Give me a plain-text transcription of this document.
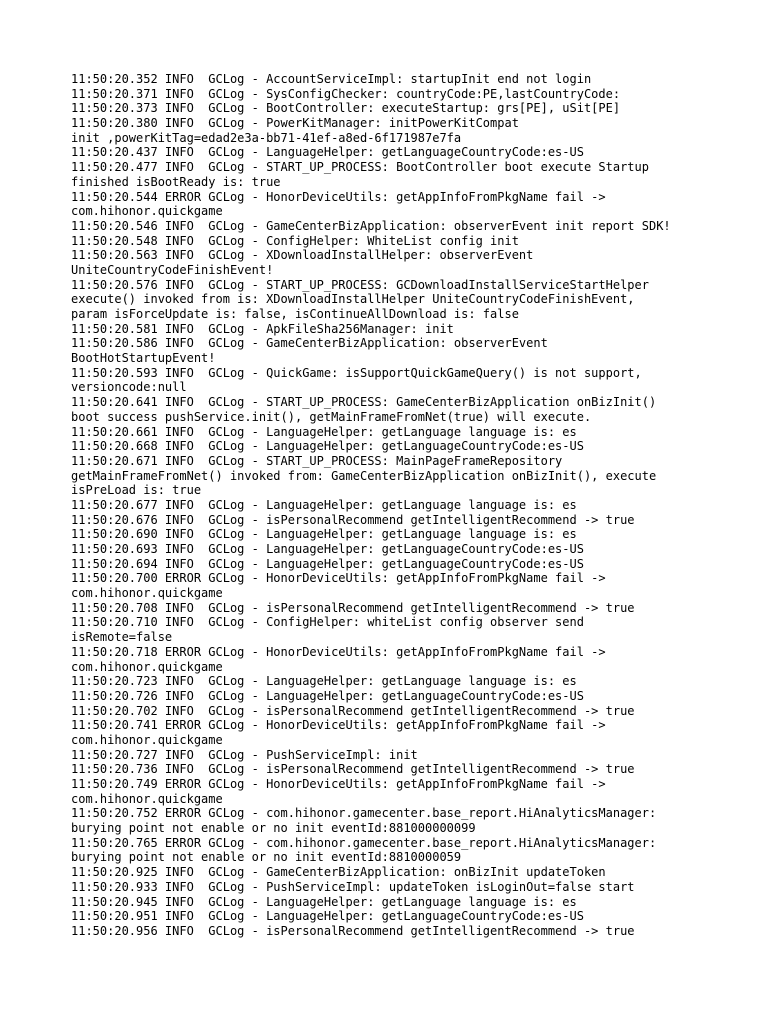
11:50:20.352 INFO  GCLog - AccountServiceImpl: startupInit end not login
11:50:20.371 INFO  GCLog - SysConfigChecker: countryCode:PE,lastCountryCode:
11:50:20.373 INFO  GCLog - BootController: executeStartup: grs[PE], uSit[PE]
11:50:20.380 INFO  GCLog - PowerKitManager: initPowerKitCompat
init ,powerKitTag=edad2e3a-bb71-41ef-a8ed-6f171987e7fa
11:50:20.437 INFO  GCLog - LanguageHelper: getLanguageCountryCode:es-US
11:50:20.477 INFO  GCLog - START_UP_PROCESS: BootController boot execute Startup
finished isBootReady is: true
11:50:20.544 ERROR GCLog - HonorDeviceUtils: getAppInfoFromPkgName fail ->
com.hihonor.quickgame
11:50:20.546 INFO  GCLog - GameCenterBizApplication: observerEvent init report SDK!
11:50:20.548 INFO  GCLog - ConfigHelper: WhiteList config init
11:50:20.563 INFO  GCLog - XDownloadInstallHelper: observerEvent
UniteCountryCodeFinishEvent!
11:50:20.576 INFO  GCLog - START_UP_PROCESS: GCDownloadInstallServiceStartHelper
execute() invoked from is: XDownloadInstallHelper UniteCountryCodeFinishEvent,
param isForceUpdate is: false, isContinueAllDownload is: false
11:50:20.581 INFO  GCLog - ApkFileSha256Manager: init
11:50:20.586 INFO  GCLog - GameCenterBizApplication: observerEvent
BootHotStartupEvent!
11:50:20.593 INFO  GCLog - QuickGame: isSupportQuickGameQuery() is not support,
versioncode:null
11:50:20.641 INFO  GCLog - START_UP_PROCESS: GameCenterBizApplication onBizInit()
boot success pushService.init(), getMainFrameFromNet(true) will execute.
11:50:20.661 INFO  GCLog - LanguageHelper: getLanguage language is: es
11:50:20.668 INFO  GCLog - LanguageHelper: getLanguageCountryCode:es-US
11:50:20.671 INFO  GCLog - START_UP_PROCESS: MainPageFrameRepository
getMainFrameFromNet() invoked from: GameCenterBizApplication onBizInit(), execute
isPreLoad is: true
11:50:20.677 INFO  GCLog - LanguageHelper: getLanguage language is: es
11:50:20.676 INFO  GCLog - isPersonalRecommend getIntelligentRecommend -> true
11:50:20.690 INFO  GCLog - LanguageHelper: getLanguage language is: es
11:50:20.693 INFO  GCLog - LanguageHelper: getLanguageCountryCode:es-US
11:50:20.694 INFO  GCLog - LanguageHelper: getLanguageCountryCode:es-US
11:50:20.700 ERROR GCLog - HonorDeviceUtils: getAppInfoFromPkgName fail ->
com.hihonor.quickgame
11:50:20.708 INFO  GCLog - isPersonalRecommend getIntelligentRecommend -> true
11:50:20.710 INFO  GCLog - ConfigHelper: whiteList config observer send
isRemote=false
11:50:20.718 ERROR GCLog - HonorDeviceUtils: getAppInfoFromPkgName fail ->
com.hihonor.quickgame
11:50:20.723 INFO  GCLog - LanguageHelper: getLanguage language is: es
11:50:20.726 INFO  GCLog - LanguageHelper: getLanguageCountryCode:es-US
11:50:20.702 INFO  GCLog - isPersonalRecommend getIntelligentRecommend -> true
11:50:20.741 ERROR GCLog - HonorDeviceUtils: getAppInfoFromPkgName fail ->
com.hihonor.quickgame
11:50:20.727 INFO  GCLog - PushServiceImpl: init
11:50:20.736 INFO  GCLog - isPersonalRecommend getIntelligentRecommend -> true
11:50:20.749 ERROR GCLog - HonorDeviceUtils: getAppInfoFromPkgName fail ->
com.hihonor.quickgame
11:50:20.752 ERROR GCLog - com.hihonor.gamecenter.base_report.HiAnalyticsManager:
burying point not enable or no init eventId:881000000099
11:50:20.765 ERROR GCLog - com.hihonor.gamecenter.base_report.HiAnalyticsManager:
burying point not enable or no init eventId:8810000059
11:50:20.925 INFO  GCLog - GameCenterBizApplication: onBizInit updateToken
11:50:20.933 INFO  GCLog - PushServiceImpl: updateToken isLoginOut=false start
11:50:20.945 INFO  GCLog - LanguageHelper: getLanguage language is: es
11:50:20.951 INFO  GCLog - LanguageHelper: getLanguageCountryCode:es-US
11:50:20.956 INFO  GCLog - isPersonalRecommend getIntelligentRecommend -> true
